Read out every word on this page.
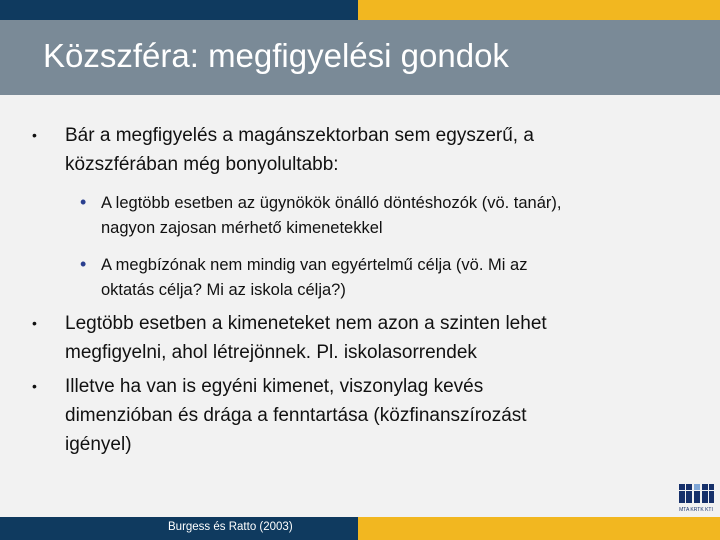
Közszféra: megfigyelési gondok
• Bár a megfigyelés a magánszektorban sem egyszerű, a
közszférában még bonyolultabb:
• A legtöbb esetben az ügynökök önálló döntéshozók (vö. tanár),
nagyon zajosan mérhető kimenetekkel
• A megbízónak nem mindig van egyértelmű célja (vö. Mi az
oktatás célja? Mi az iskola célja?)
• Legtöbb esetben a kimeneteket nem azon a szinten lehet
megfigyelni, ahol létrejönnek. Pl. iskolasorrendek
• Illetve ha van is egyéni kimenet, viszonylag kevés
dimenzióban és drága a fenntartása (közfinanszírozást
igényel)
MTA KRTK KTI
Burgess és Ratto (2003)
